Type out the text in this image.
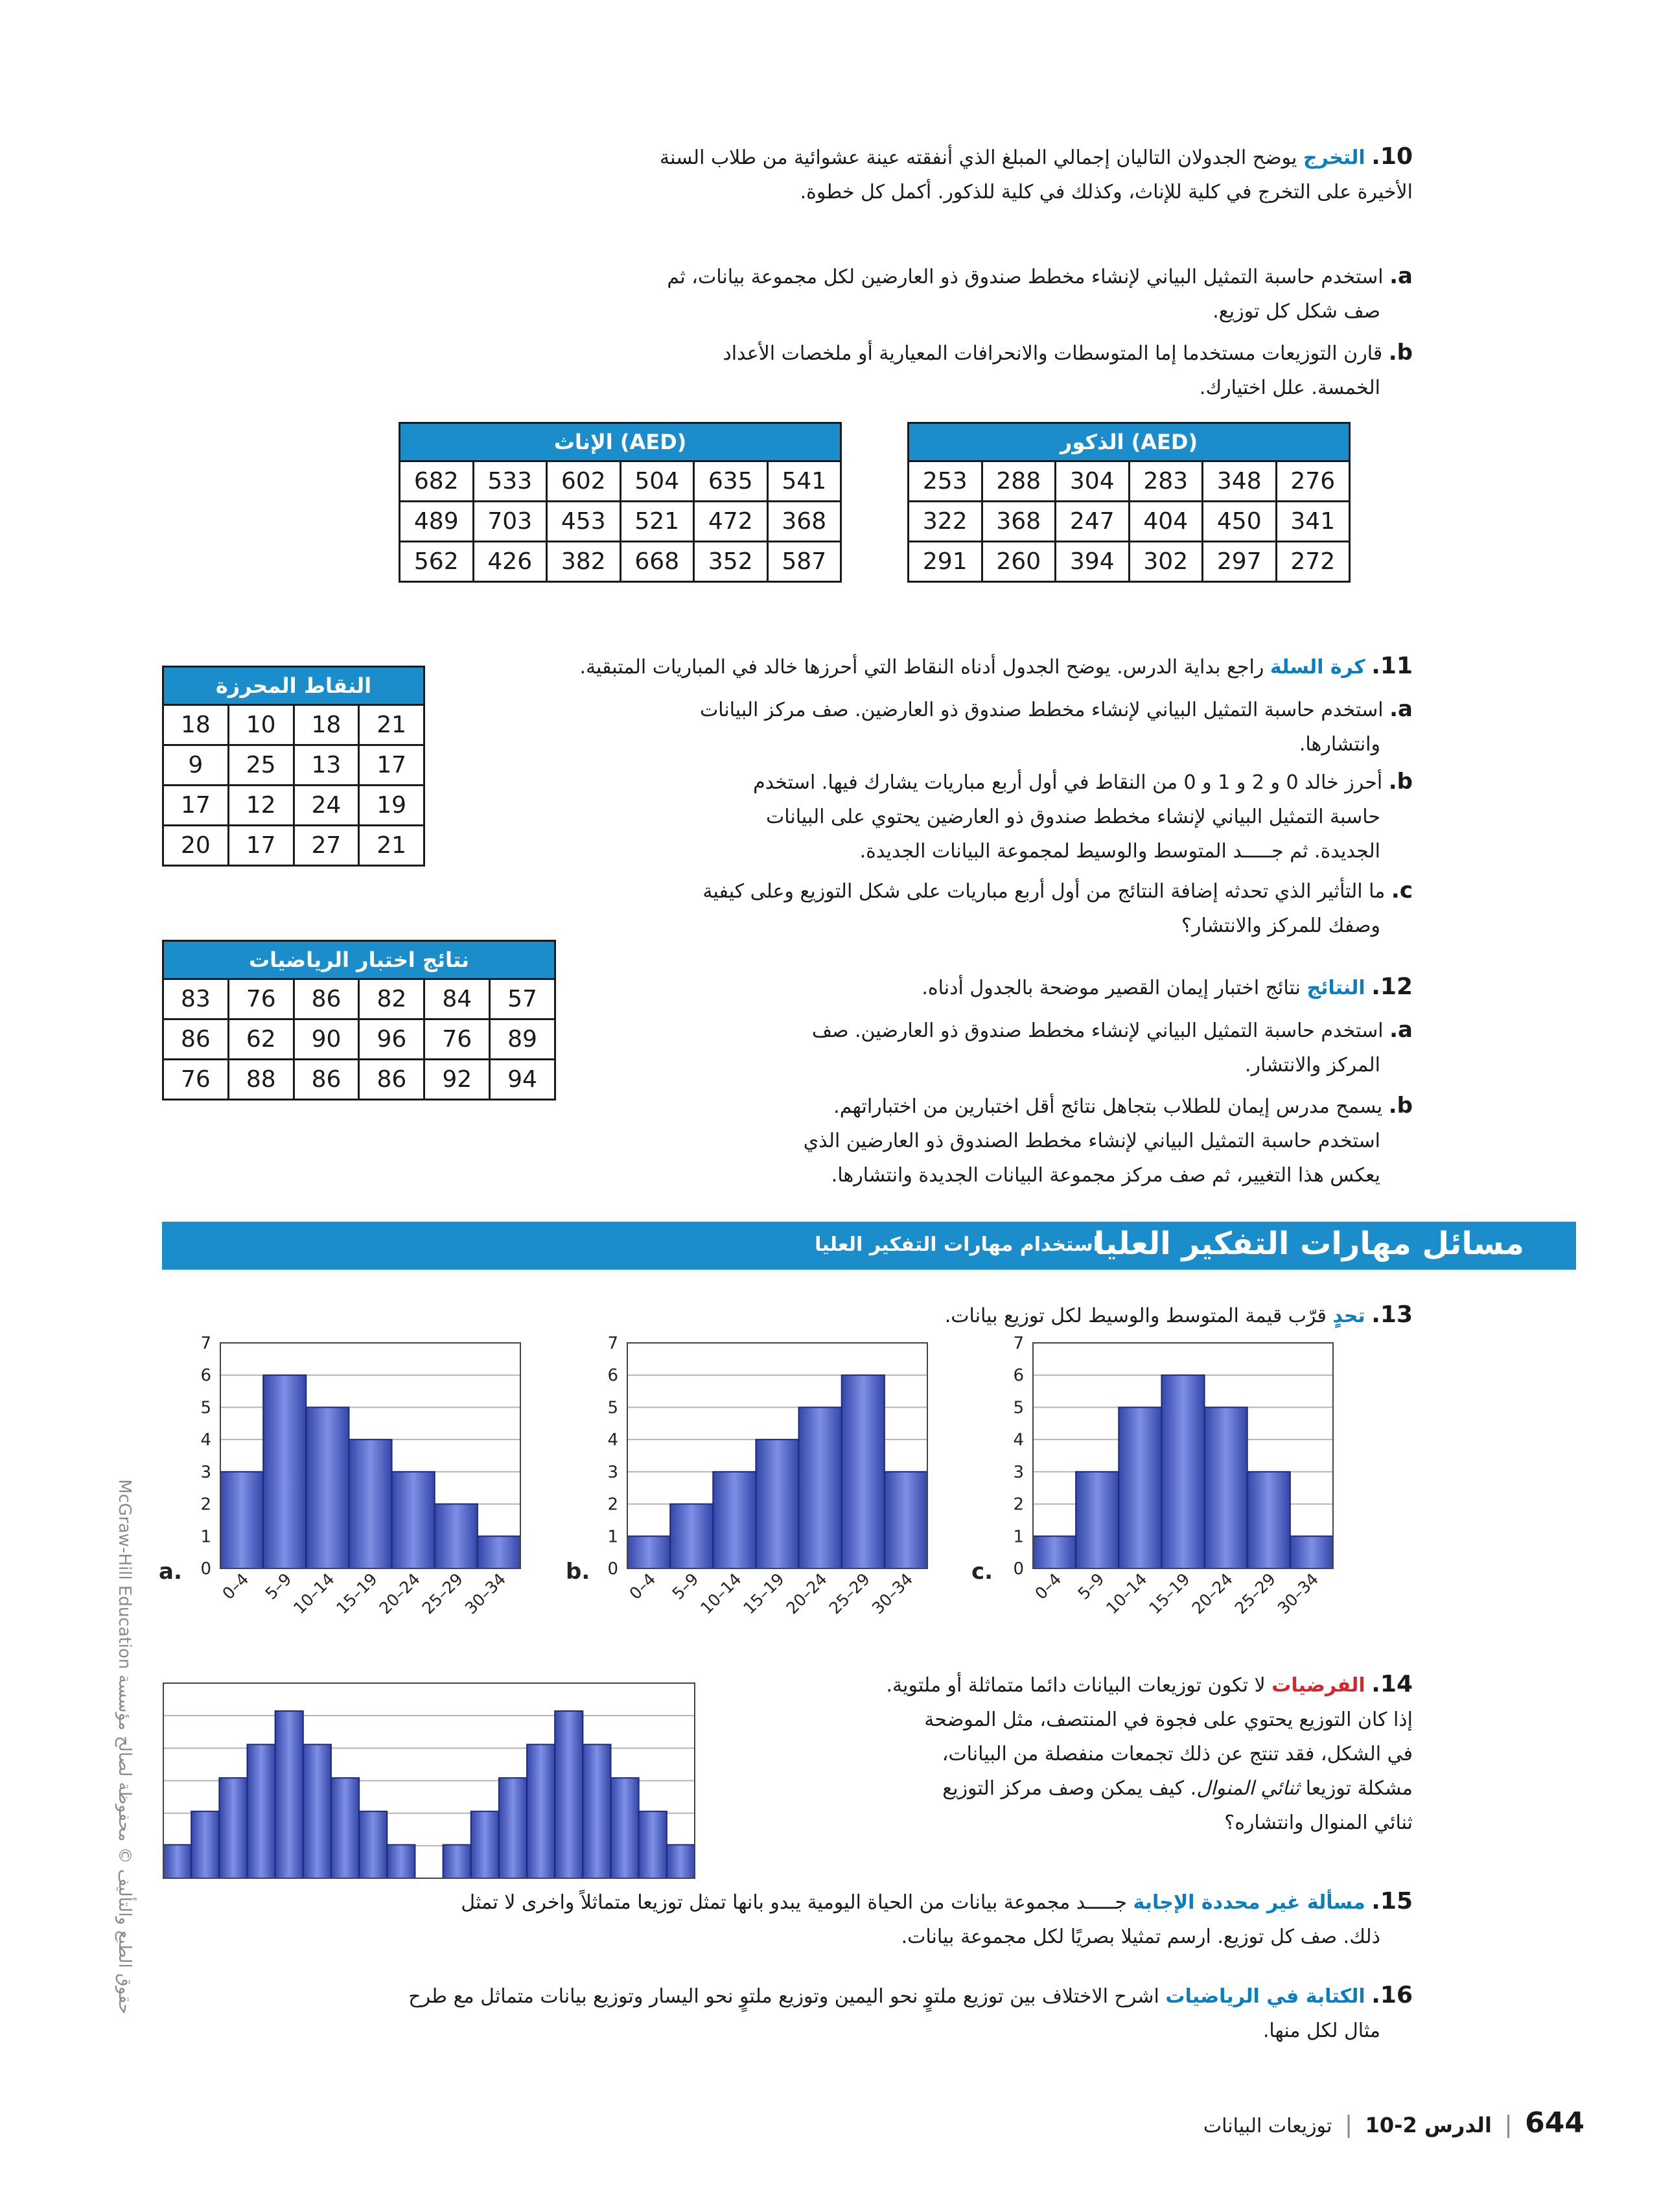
10. التخرج يوضح الجدولان التاليان إجمالي المبلغ الذي أنفقته عينة عشوائية من طلاب السنة
الأخيرة على التخرج في كلية للإناث، وكذلك في كلية للذكور. أكمل كل خطوة.
a. استخدم حاسبة التمثيل البياني لإنشاء مخطط صندوق ذو العارضين لكل مجموعة بيانات، ثم
صف شكل كل توزيع.
b. قارن التوزيعات مستخدما إما المتوسطات والانحرافات المعيارية أو ملخصات الأعداد
الخمسة. علل اختيارك.
الإناث (AED)					
682	533	602	504	635	541
489	703	453	521	472	368
562	426	382	668	352	587
الذكور (AED)					
253	288	304	283	348	276
322	368	247	404	450	341
291	260	394	302	297	272
11. كرة السلة راجع بداية الدرس. يوضح الجدول أدناه النقاط التي أحرزها خالد في المباريات المتبقية.
a. استخدم حاسبة التمثيل البياني لإنشاء مخطط صندوق ذو العارضين. صف مركز البيانات
وانتشارها.
b. أحرز خالد 0 و 2 و 1 و 0 من النقاط في أول أربع مباريات يشارك فيها. استخدم
حاسبة التمثيل البياني لإنشاء مخطط صندوق ذو العارضين يحتوي على البيانات
الجديدة. ثم جـــــد المتوسط والوسيط لمجموعة البيانات الجديدة.
c. ما التأثير الذي تحدثه إضافة النتائج من أول أربع مباريات على شكل التوزيع وعلى كيفية
وصفك للمركز والانتشار؟
النقاط المحرزة			
18	10	18	21
9	25	13	17
17	12	24	19
20	17	27	21
12. النتائج نتائج اختبار إيمان القصير موضحة بالجدول أدناه.
a. استخدم حاسبة التمثيل البياني لإنشاء مخطط صندوق ذو العارضين. صف
المركز والانتشار.
b. يسمح مدرس إيمان للطلاب بتجاهل نتائج أقل اختبارين من اختباراتهم.
استخدم حاسبة التمثيل البياني لإنشاء مخطط الصندوق ذو العارضين الذي
يعكس هذا التغيير، ثم صف مركز مجموعة البيانات الجديدة وانتشارها.
نتائج اختبار الرياضيات					
83	76	86	82	84	57
86	62	90	96	76	89
76	88	86	86	92	94
مسائل مهارات التفكير العليا
استخدام مهارات التفكير العليا
13. تحدٍ قرّب قيمة المتوسط والوسيط لكل توزيع بيانات.
0
1
2
3
4
5
6
7
0–4 5–9
10–14
15–19
20–24
25–29
30–34
a.	0
1
2
3
4
5
6
7
0–4 5–9
10–14
15–19
20–24
25–29
30–34
b.	0
1
2
3
4
5
6
7
0–4 5–9
10–14
15–19
20–24
25–29
30–34
c.
14. الفرضيات لا تكون توزيعات البيانات دائما متماثلة أو ملتوية.
إذا كان التوزيع يحتوي على فجوة في المنتصف، مثل الموضحة
في الشكل، فقد تنتج عن ذلك تجمعات منفصلة من البيانات،
مشكلة توزيعا ثنائي المنوال. كيف يمكن وصف مركز التوزيع
ثنائي المنوال وانتشاره؟
15. مسألة غير محددة الإجابة جـــــد مجموعة بيانات من الحياة اليومية يبدو بانها تمثل توزيعا متماثلاً واخرى لا تمثل
ذلك. صف كل توزيع. ارسم تمثيلا بصريًا لكل مجموعة بيانات.
16. الكتابة في الرياضيات اشرح الاختلاف بين توزيع ملتوٍ نحو اليمين وتوزيع ملتوٍ نحو اليسار وتوزيع بيانات متماثل مع طرح
مثال لكل منها.
حقوق الطبع والتأليف © محفوظة لصالح مؤسسة McGraw-Hill Education
644 | الدرس 2-10 | توزيعات البيانات
